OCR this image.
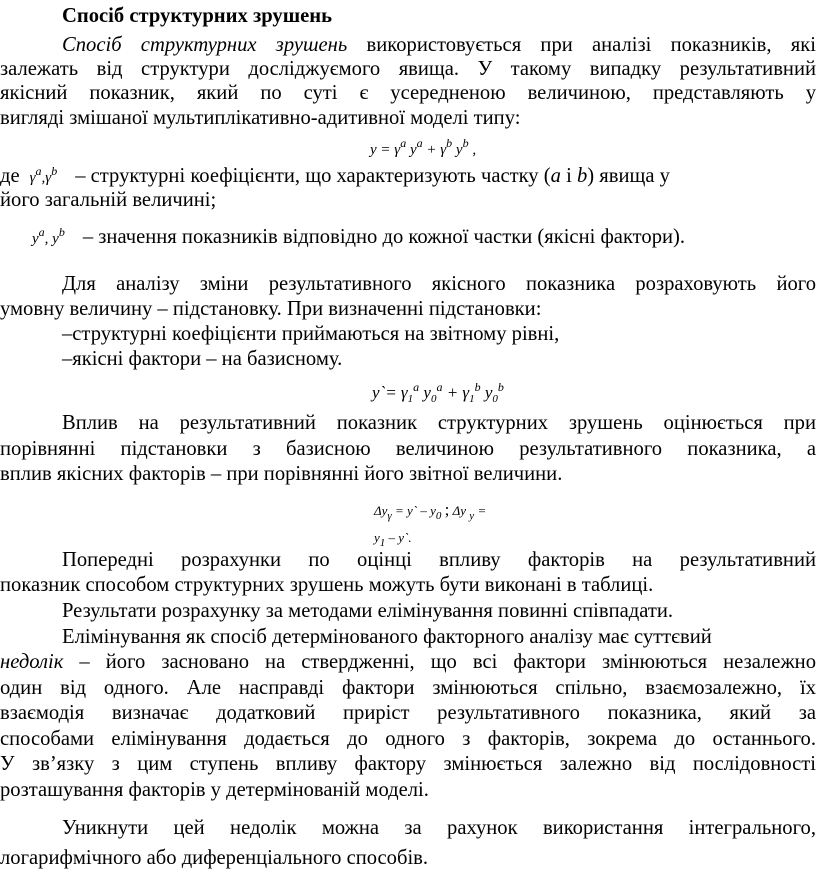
Спосіб структурних зрушень
Спосіб структурних зрушень використовується при аналізі показників, які
залежать від структури досліджуємого явища. У такому випадку результативний
якісний показник, який по суті є усередненою величиною, представляють у
вигляді змішаної мультиплікативно-адитивної моделі типу:
$y = \gamma^a$ $y^a + \gamma^b$ $y^b$ ,
де $\gamma^a,\gamma^b$ – структурні коефіцієнти, що характеризують частку (a і b) явища у
його загальній величині;
$y^a$, $y^b$ – значення показників відповідно до кожної частки (якісні фактори).
Для аналізу зміни результативного якісного показника розраховують його
умовну величину – підстановку. При визначенні підстановки:
–структурні коефіцієнти приймаються на звітному рівні,
–якісні фактори – на базисному.
y`= $\gamma_1^a$ $y_0^a + \gamma_1^b$ $y_0^b$
Вплив на результативний показник структурних зрушень оцінюється при
порівнянні підстановки з базисною величиною результативного показника, а
вплив якісних факторів – при порівнянні його звітної величини.
$\Delta y_\gamma$ = y` – $y_0$ ; Δy $_y$ =
$y_1$ – y`.
Попередні розрахунки по оцінці впливу факторів на результативний
показник способом структурних зрушень можуть бути виконані в таблиці.
Результати розрахунку за методами елімінування повинні співпадати.
Елімінування як спосіб детермінованого факторного аналізу має суттєвий
недолік – його засновано на ствердженні, що всі фактори змінюються незалежно
один від одного. Але насправді фактори змінюються спільно, взаємозалежно, їх
взаємодія визначає додатковий приріст результативного показника, який за
способами елімінування додається до одного з факторів, зокрема до останнього.
У зв’язку з цим ступень впливу фактору змінюється залежно від послідовності
розташування факторів у детермінованій моделі.
Уникнути цей недолік можна за рахунок використання інтегрального,
логарифмічного або диференціального способів.
